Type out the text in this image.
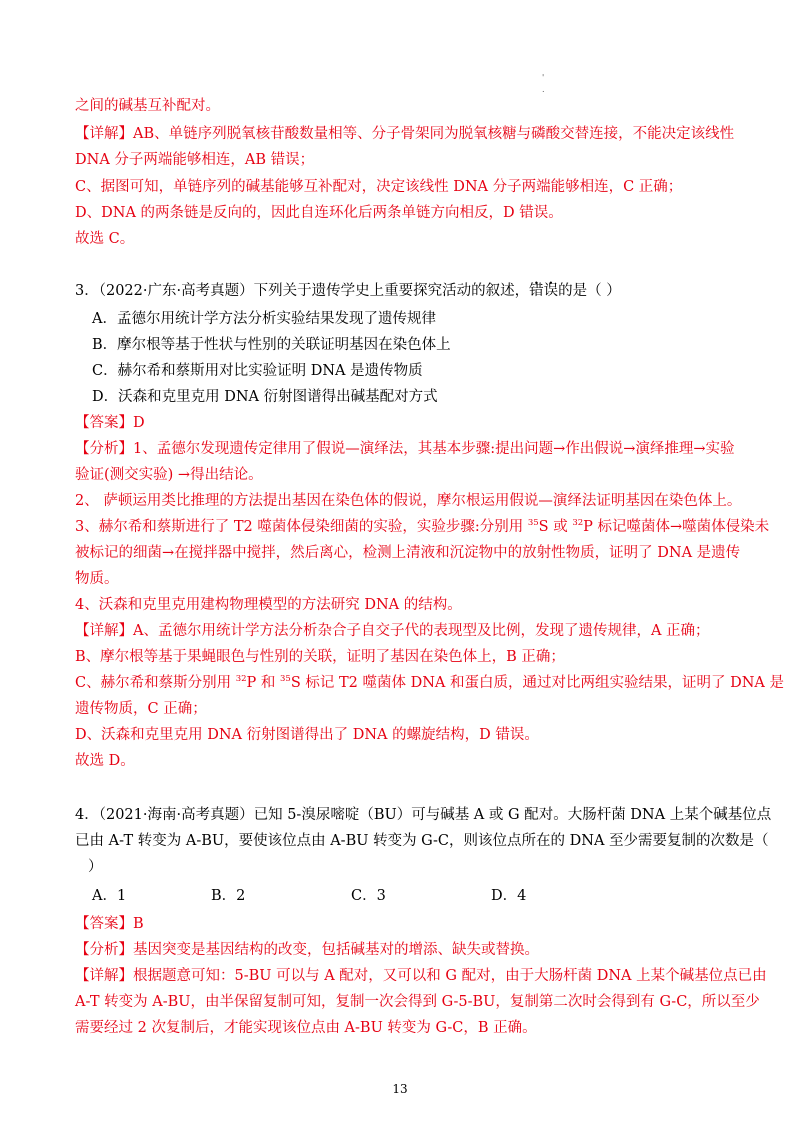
'
.
之间的碱基互补配对。
【详解】AB、单链序列脱氧核苷酸数量相等、分子骨架同为脱氧核糖与磷酸交替连接，不能决定该线性
DNA 分子两端能够相连，AB 错误；
C、据图可知，单链序列的碱基能够互补配对，决定该线性 DNA 分子两端能够相连，C 正确；
D、DNA 的两条链是反向的，因此自连环化后两条单链方向相反，D 错误。
故选 C。
3．（2022·广东·高考真题）下列关于遗传学史上重要探究活动的叙述，错误的是（ ）
A．孟德尔用统计学方法分析实验结果发现了遗传规律
B．摩尔根等基于性状与性别的关联证明基因在染色体上
C．赫尔希和蔡斯用对比实验证明 DNA 是遗传物质
D．沃森和克里克用 DNA 衍射图谱得出碱基配对方式
【答案】D
【分析】1、孟德尔发现遗传定律用了假说—演绎法，其基本步骤:提出问题→作出假说→演绎推理→实验
验证(测交实验) →得出结论。
2、 萨顿运用类比推理的方法提出基因在染色体的假说，摩尔根运用假说—演绎法证明基因在染色体上。
3、赫尔希和蔡斯进行了 T2 噬菌体侵染细菌的实验，实验步骤:分别用 $^{35}$S 或 $^{32}$P 标记噬菌体→噬菌体侵染未
被标记的细菌→在搅拌器中搅拌，然后离心，检测上清液和沉淀物中的放射性物质，证明了 DNA 是遗传
物质。
4、沃森和克里克用建构物理模型的方法研究 DNA 的结构。
【详解】A、孟德尔用统计学方法分析杂合子自交子代的表现型及比例，发现了遗传规律，A 正确；
B、摩尔根等基于果蝇眼色与性别的关联，证明了基因在染色体上，B 正确；
C、赫尔希和蔡斯分别用 $^{32}$P 和 $^{35}$S 标记 T2 噬菌体 DNA 和蛋白质，通过对比两组实验结果，证明了 DNA 是
遗传物质，C 正确；
D、沃森和克里克用 DNA 衍射图谱得出了 DNA 的螺旋结构，D 错误。
故选 D。
4．（2021·海南·高考真题）已知 5-溴尿嘧啶（BU）可与碱基 A 或 G 配对。大肠杆菌 DNA 上某个碱基位点
已由 A-T 转变为 A-BU，要使该位点由 A-BU 转变为 G-C，则该位点所在的 DNA 至少需要复制的次数是（
）
A．1	B．2	C．3	D．4
【答案】B
【分析】基因突变是基因结构的改变，包括碱基对的增添、缺失或替换。
【详解】根据题意可知：5-BU 可以与 A 配对，又可以和 G 配对，由于大肠杆菌 DNA 上某个碱基位点已由
A-T 转变为 A-BU，由半保留复制可知，复制一次会得到 G-5-BU，复制第二次时会得到有 G-C，所以至少
需要经过 2 次复制后，才能实现该位点由 A-BU 转变为 G-C，B 正确。
13
